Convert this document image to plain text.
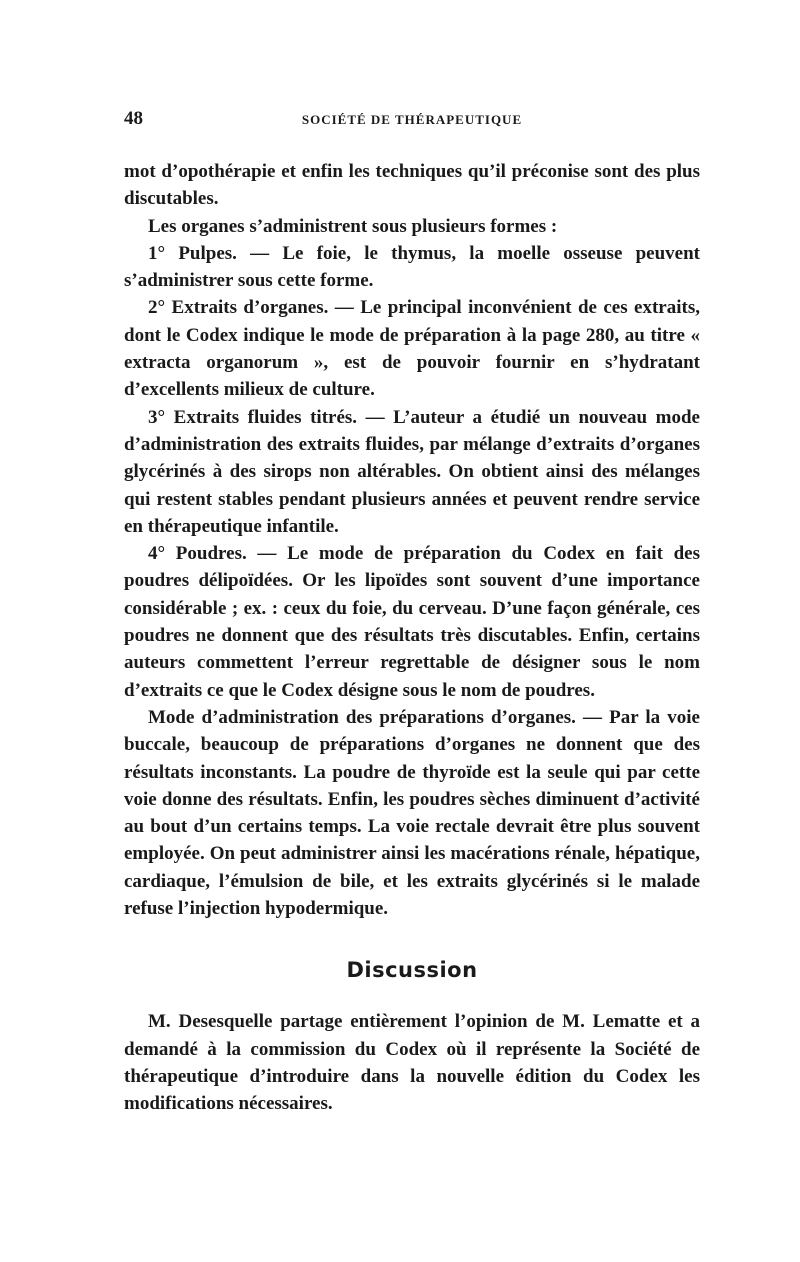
48	SOCIÉTÉ DE THÉRAPEUTIQUE

mot d’opothérapie et enfin les techniques qu’il préconise sont des plus discutables.

Les organes s’administrent sous plusieurs formes :

1° Pulpes. — Le foie, le thymus, la moelle osseuse peuvent s’administrer sous cette forme.

2° Extraits d’organes. — Le principal inconvénient de ces extraits, dont le Codex indique le mode de préparation à la page 280, au titre « extracta organorum », est de pouvoir fournir en s’hydratant d’excellents milieux de culture.

3° Extraits fluides titrés. — L’auteur a étudié un nouveau mode d’administration des extraits fluides, par mélange d’extraits d’organes glycérinés à des sirops non altérables. On obtient ainsi des mélanges qui restent stables pendant plusieurs années et peuvent rendre service en thérapeutique infantile.

4° Poudres. — Le mode de préparation du Codex en fait des poudres délipoïdées. Or les lipoïdes sont souvent d’une importance considérable ; ex. : ceux du foie, du cerveau. D’une façon générale, ces poudres ne donnent que des résultats très discutables. Enfin, certains auteurs commettent l’erreur regrettable de désigner sous le nom d’extraits ce que le Codex désigne sous le nom de poudres.

Mode d’administration des préparations d’organes. — Par la voie buccale, beaucoup de préparations d’organes ne donnent que des résultats inconstants. La poudre de thyroïde est la seule qui par cette voie donne des résultats. Enfin, les poudres sèches diminuent d’activité au bout d’un certains temps. La voie rectale devrait être plus souvent employée. On peut administrer ainsi les macérations rénale, hépatique, cardiaque, l’émulsion de bile, et les extraits glycérinés si le malade refuse l’injection hypodermique.

Discussion

M. Desesquelle partage entièrement l’opinion de M. Lematte et a demandé à la commission du Codex où il représente la Société de thérapeutique d’introduire dans la nouvelle édition du Codex les modifications nécessaires.
